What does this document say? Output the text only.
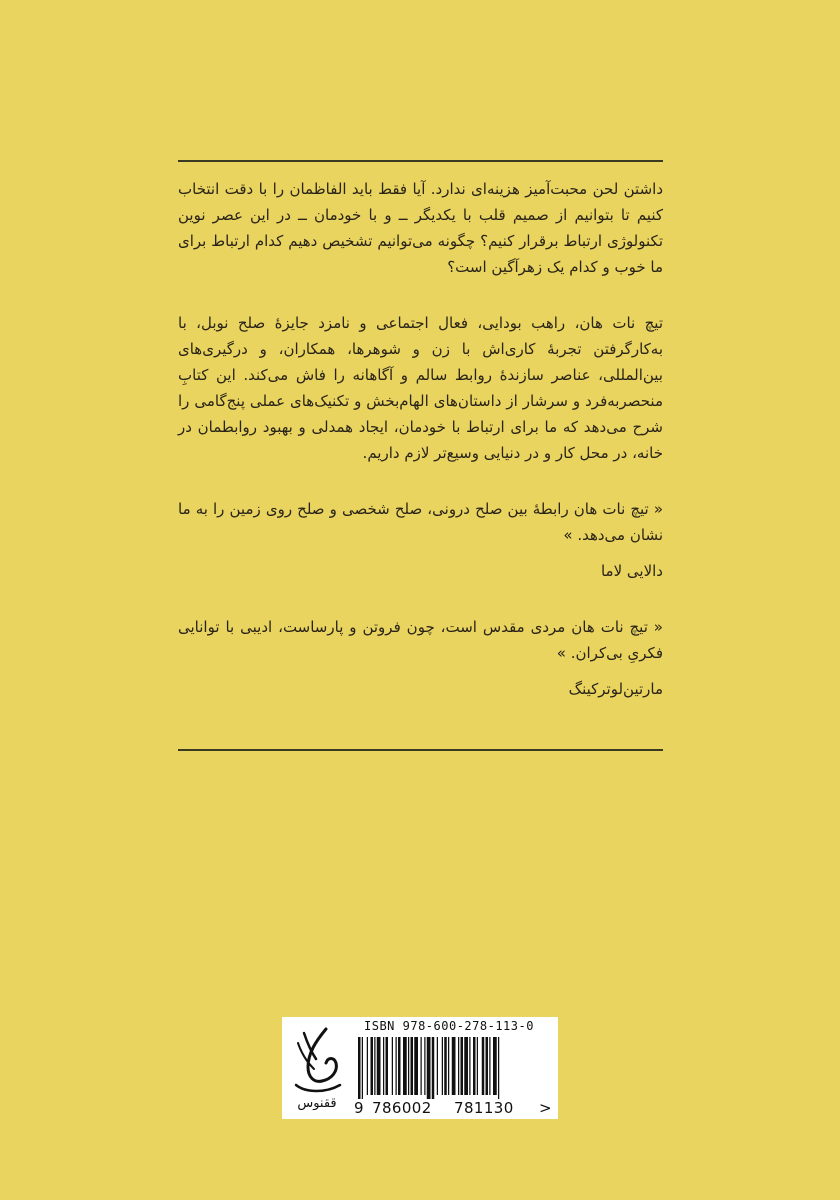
داشتن لحن محبت‌آمیز هزینه‌ای ندارد. آیا فقط باید الفاظمان را با دقت انتخاب کنیم تا بتوانیم از صمیم قلب با یکدیگر ــ و با خودمان ــ در این عصر نوین تکنولوژی ارتباط برقرار کنیم؟ چگونه می‌توانیم تشخیص دهیم کدام ارتباط برای ما خوب و کدام یک زهرآگین است؟

تیچ نات هان، راهب بودایی، فعال اجتماعی و نامزد جایزهٔ صلح نوبل، با به‌کارگرفتن تجربهٔ کاری‌اش با زن و شوهرها، همکاران، و درگیری‌های بین‌المللی، عناصر سازندهٔ روابط سالم و آگاهانه را فاش می‌کند. این کتابِ منحصربه‌فرد و سرشار از داستان‌های الهام‌بخش و تکنیک‌های عملی پنج‌گامی را شرح می‌دهد که ما برای ارتباط با خودمان، ایجاد همدلی و بهبود روابطمان در خانه، در محل کار و در دنیایی وسیع‌تر لازم داریم.

« تیچ نات هان رابطهٔ بین صلح درونی، صلح شخصی و صلح روی زمین را به ما نشان می‌دهد. »

دالایی لاما

« تیچ نات هان مردی مقدس است، چون فروتن و پارساست، ادیبی با توانایی فکریِ بی‌کران. »

مارتین‌لوترکینگ

ققنوس
ISBN 978-600-278-113-0
9 786002 781130 >
